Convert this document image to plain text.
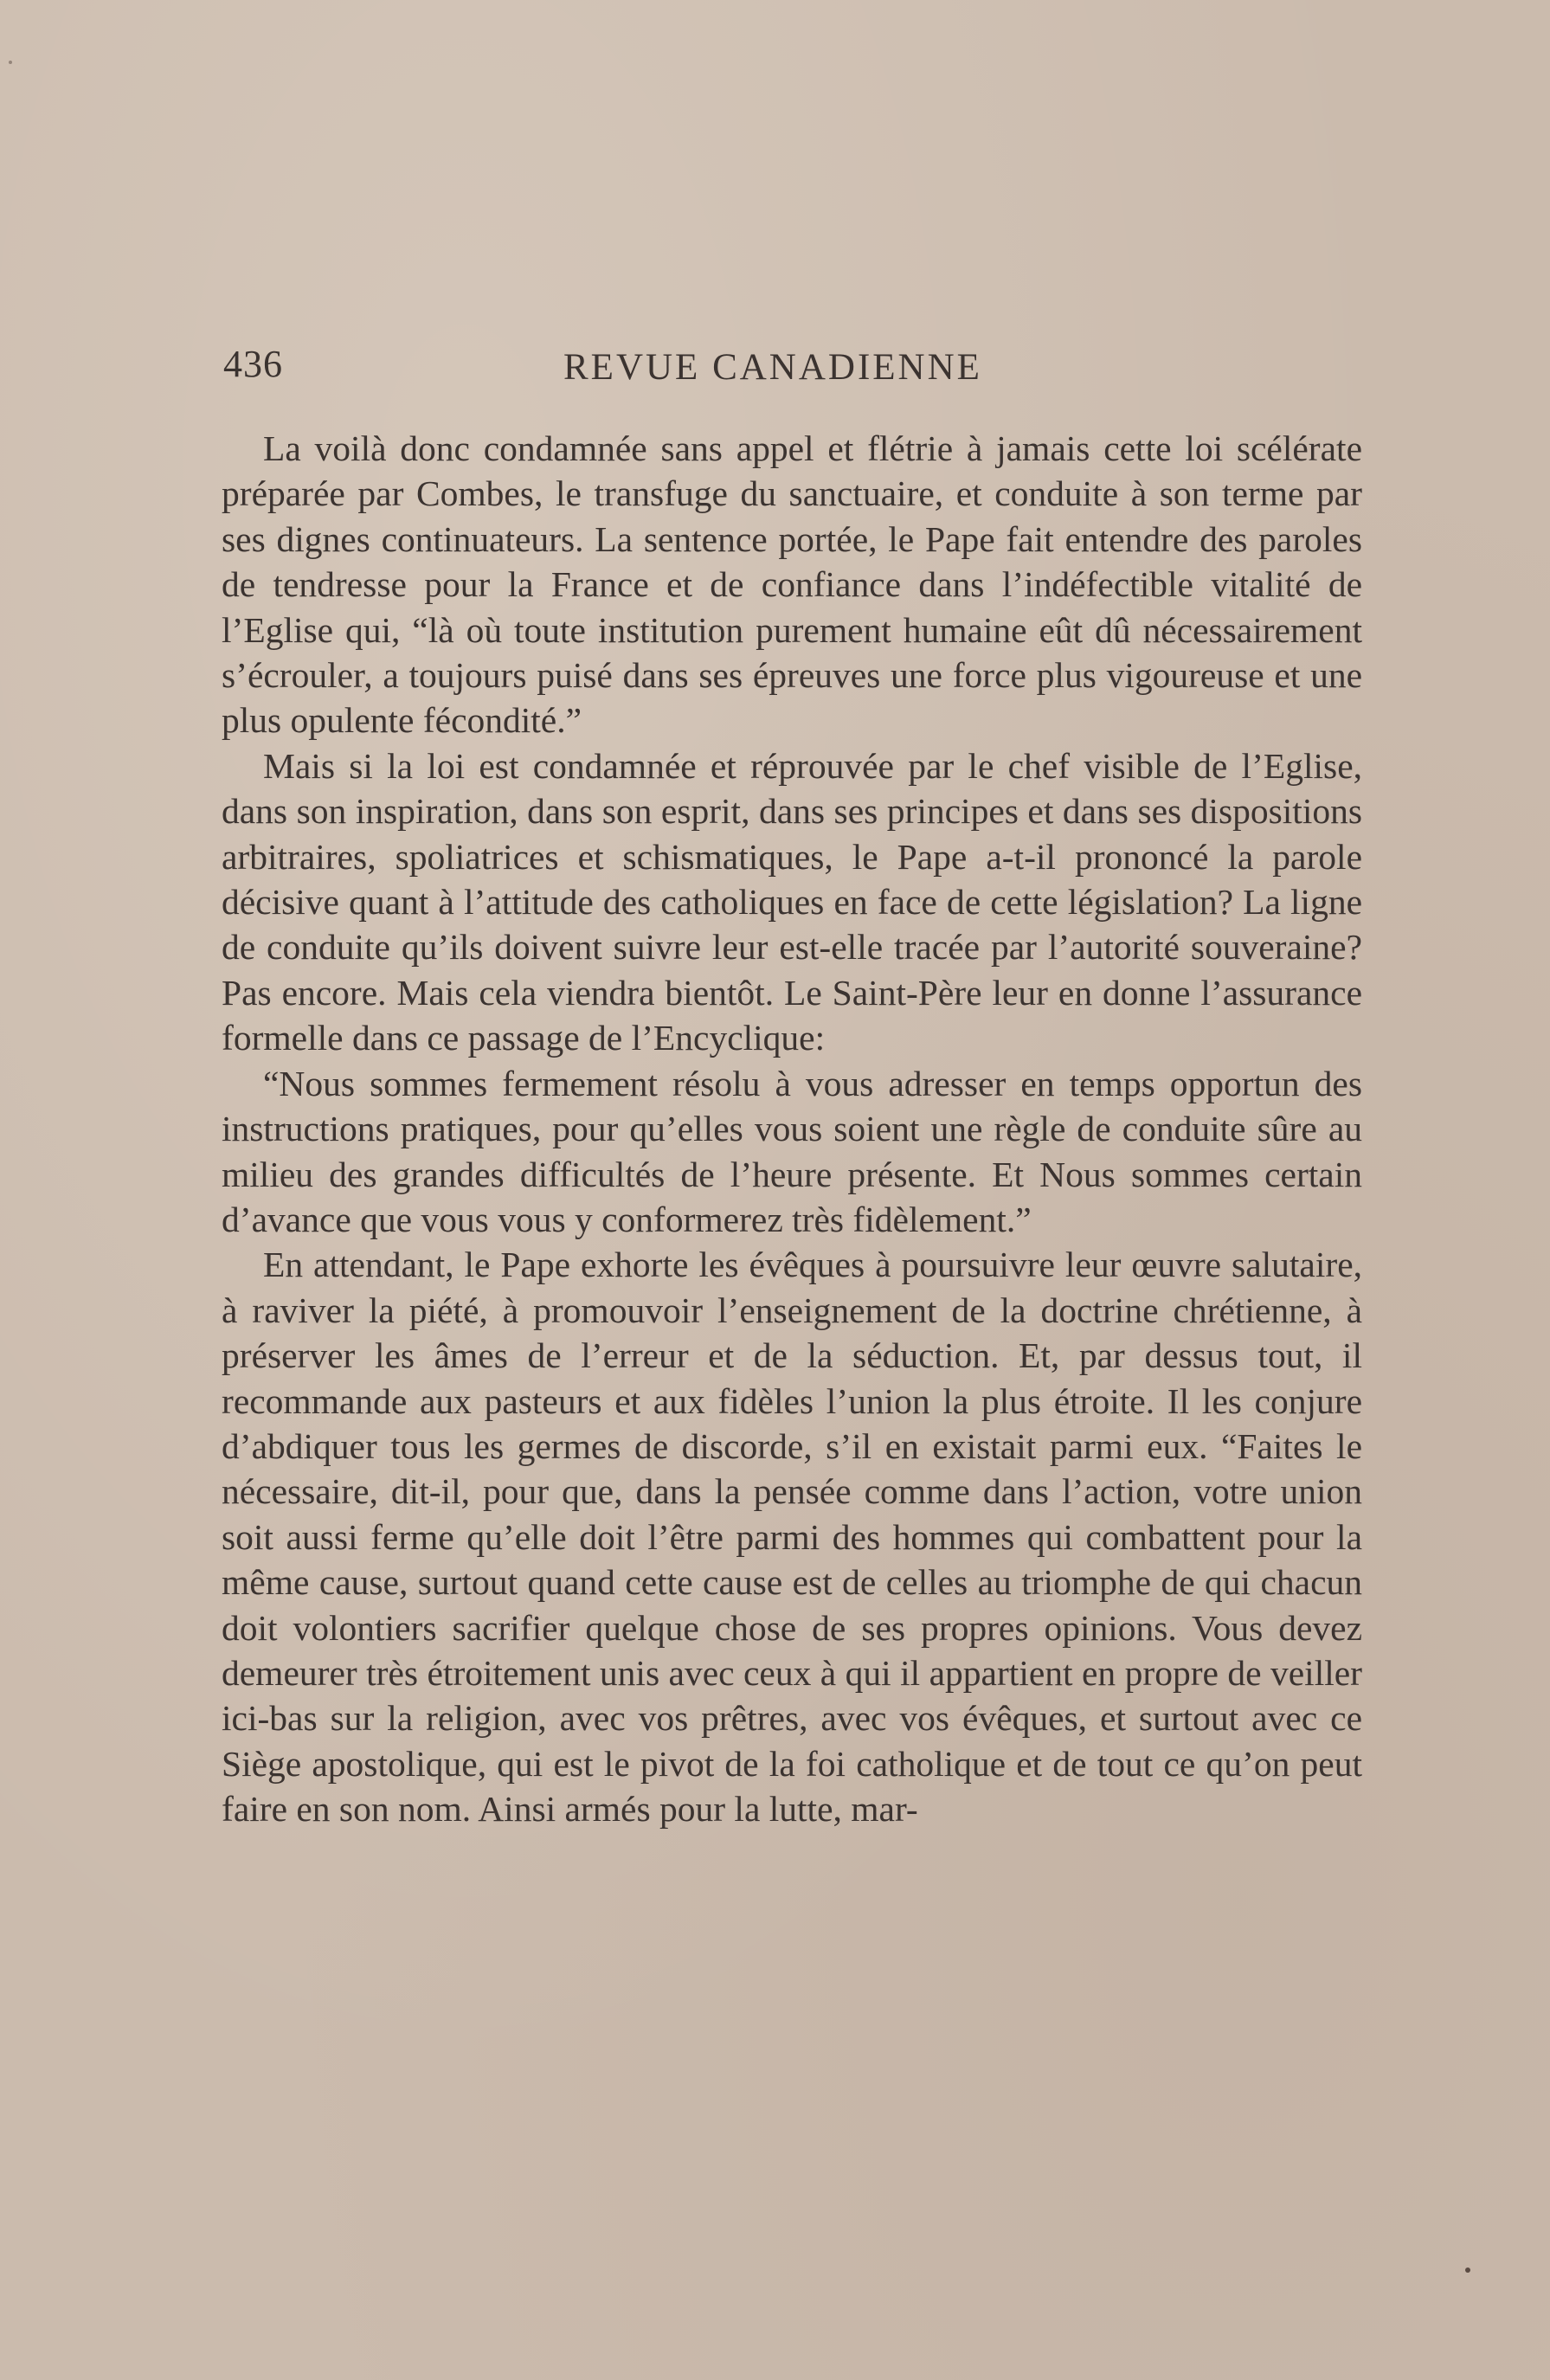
436	REVUE CANADIENNE

La voilà donc condamnée sans appel et flétrie à jamais cette loi scélérate préparée par Combes, le transfuge du sanctuaire, et conduite à son terme par ses dignes continuateurs. La sentence portée, le Pape fait entendre des paroles de tendresse pour la France et de confiance dans l’indéfectible vitalité de l’Eglise qui, “là où toute institution purement humaine eût dû nécessairement s’écrouler, a toujours puisé dans ses épreuves une force plus vigoureuse et une plus opulente fécondité.”

Mais si la loi est condamnée et réprouvée par le chef visible de l’Eglise, dans son inspiration, dans son esprit, dans ses principes et dans ses dispositions arbitraires, spoliatrices et schismatiques, le Pape a-t-il prononcé la parole décisive quant à l’attitude des catholiques en face de cette législation? La ligne de conduite qu’ils doivent suivre leur est-elle tracée par l’autorité souveraine? Pas encore. Mais cela viendra bientôt. Le Saint-Père leur en donne l’assurance formelle dans ce passage de l’Encyclique:

“Nous sommes fermement résolu à vous adresser en temps opportun des instructions pratiques, pour qu’elles vous soient une règle de conduite sûre au milieu des grandes difficultés de l’heure présente. Et Nous sommes certain d’avance que vous vous y conformerez très fidèlement.”

En attendant, le Pape exhorte les évêques à poursuivre leur œuvre salutaire, à raviver la piété, à promouvoir l’enseignement de la doctrine chrétienne, à préserver les âmes de l’erreur et de la séduction. Et, par dessus tout, il recommande aux pasteurs et aux fidèles l’union la plus étroite. Il les conjure d’abdiquer tous les germes de discorde, s’il en existait parmi eux. “Faites le nécessaire, dit-il, pour que, dans la pensée comme dans l’action, votre union soit aussi ferme qu’elle doit l’être parmi des hommes qui combattent pour la même cause, surtout quand cette cause est de celles au triomphe de qui chacun doit volontiers sacrifier quelque chose de ses propres opinions. Vous devez demeurer très étroitement unis avec ceux à qui il appartient en propre de veiller ici-bas sur la religion, avec vos prêtres, avec vos évêques, et surtout avec ce Siège apostolique, qui est le pivot de la foi catholique et de tout ce qu’on peut faire en son nom. Ainsi armés pour la lutte, mar-
